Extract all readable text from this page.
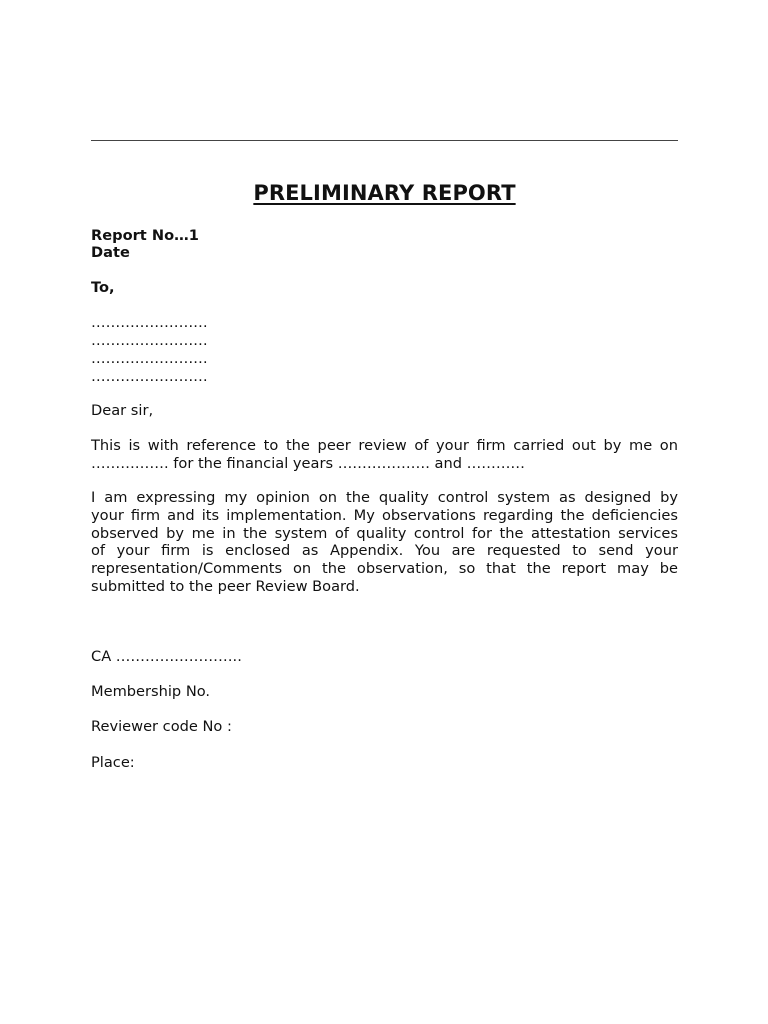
PRELIMINARY REPORT
Report No…1
Date
To,
……………………
……………………
……………………
……………………
Dear sir,
This is with reference to the peer review of your firm carried out by me on
……………. for the financial years ………………. and …………
I am expressing my opinion on the quality control system as designed by
your firm and its implementation. My observations regarding the deficiencies
observed by me in the system of quality control for the attestation services
of your firm is enclosed as Appendix. You are requested to send your
representation/Comments on the observation, so that the report may be
submitted to the peer Review Board.
CA ……………………..
Membership No.
Reviewer code No :
Place:
